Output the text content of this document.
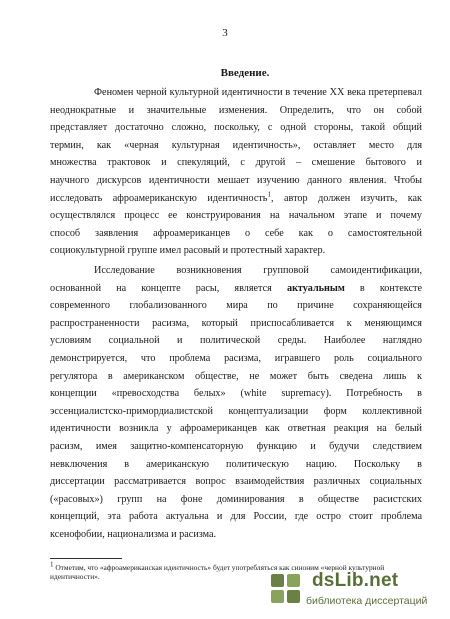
3
Введение.
Феномен черной культурной идентичности в течение XX века претерпевал
неоднократные и значительные изменения. Определить, что он собой
представляет достаточно сложно, поскольку, с одной стороны, такой общий
термин, как «черная культурная идентичность», оставляет место для
множества трактовок и спекуляций, с другой – смешение бытового и
научного дискурсов идентичности мешает изучению данного явления. Чтобы
исследовать афроамериканскую идентичность$^1$, автор должен изучить, как
осуществлялся процесс ее конструирования на начальном этапе и почему
способ заявления афроамериканцев о себе как о самостоятельной
социокультурной группе имел расовый и протестный характер.
Исследование возникновения групповой самоидентификации,
основанной на концепте расы, является актуальным в контексте
современного глобализованного мира по причине сохраняющейся
распространенности расизма, который приспосабливается к меняющимся
условиям социальной и политической среды. Наиболее наглядно
демонстрируется, что проблема расизма, игравшего роль социального
регулятора в американском обществе, не может быть сведена лишь к
концепции «превосходства белых» (white supremacy). Потребность в
эссенциалистско-примордиалистской концептуализации форм коллективной
идентичности возникла у афроамериканцев как ответная реакция на белый
расизм, имея защитно-компенсаторную функцию и будучи следствием
невключения в американскую политическую нацию. Поскольку в
диссертации рассматривается вопрос взаимодействия различных социальных
(«расовых») групп на фоне доминирования в обществе расистских
концепций, эта работа актуальна и для России, где остро стоит проблема
ксенофобии, национализма и расизма.
$^1$ Отметим, что «афроамериканская идентичность» будет употребляться как синоним «черной культурной
идентичности».	dsLib.net
библиотека диссертаций
